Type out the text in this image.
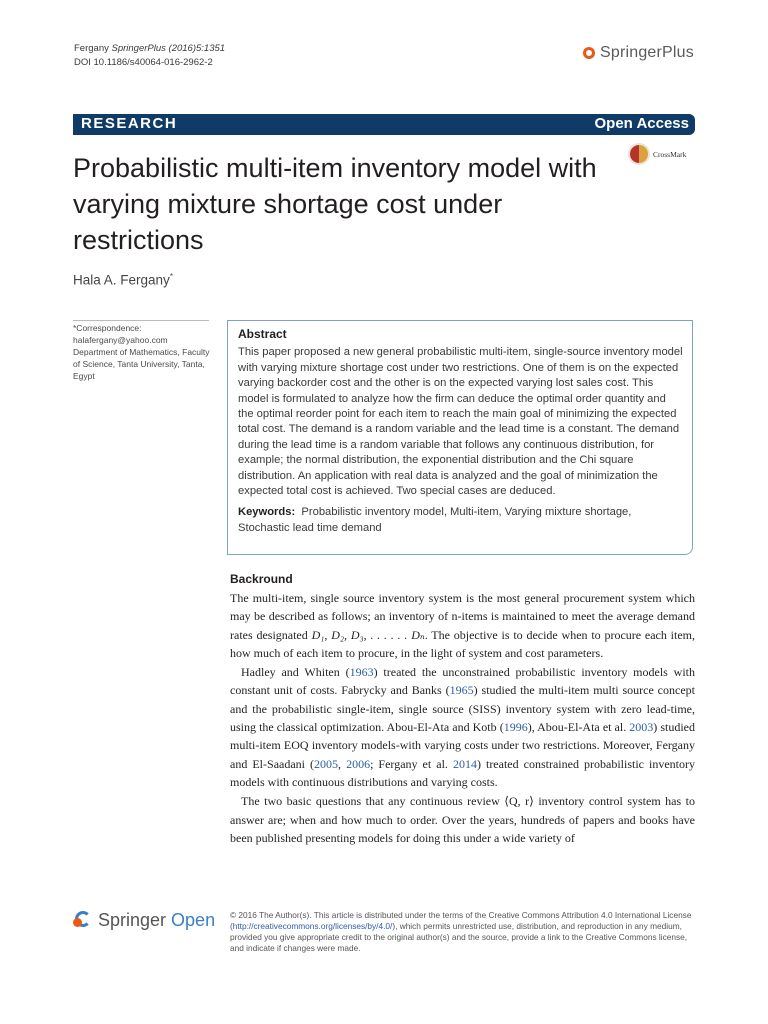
Fergany SpringerPlus (2016)5:1351
DOI 10.1186/s40064-016-2962-2
SpringerPlus
RESEARCH	Open Access
CrossMark
Probabilistic multi-item inventory model with varying mixture shortage cost under restrictions
Hala A. Fergany*
*Correspondence:
halafergany@yahoo.com
Department of Mathematics, Faculty of Science, Tanta University, Tanta, Egypt
Abstract
This paper proposed a new general probabilistic multi-item, single-source inventory model with varying mixture shortage cost under two restrictions. One of them is on the expected varying backorder cost and the other is on the expected varying lost sales cost. This model is formulated to analyze how the firm can deduce the optimal order quantity and the optimal reorder point for each item to reach the main goal of minimizing the expected total cost. The demand is a random variable and the lead time is a constant. The demand during the lead time is a random variable that follows any continuous distribution, for example; the normal distribution, the exponential distribution and the Chi square distribution. An application with real data is analyzed and the goal of minimization the expected total cost is achieved. Two special cases are deduced.
Keywords: Probabilistic inventory model, Multi-item, Varying mixture shortage, Stochastic lead time demand
Backround

The multi-item, single source inventory system is the most general procurement system which may be described as follows; an inventory of n-items is maintained to meet the average demand rates designated D₁, D₂, D₃, . . . . . . Dₙ. The objective is to decide when to procure each item, how much of each item to procure, in the light of system and cost parameters.

Hadley and Whiten (1963) treated the unconstrained probabilistic inventory models with constant unit of costs. Fabrycky and Banks (1965) studied the multi-item multi source concept and the probabilistic single-item, single source (SISS) inventory system with zero lead-time, using the classical optimization. Abou-El-Ata and Kotb (1996), Abou-El-Ata et al. 2003) studied multi-item EOQ inventory models-with varying costs under two restrictions. Moreover, Fergany and El-Saadani (2005, 2006; Fergany et al. 2014) treated constrained probabilistic inventory models with continuous distributions and varying costs.

The two basic questions that any continuous review ⟨Q, r⟩ inventory control system has to answer are; when and how much to order. Over the years, hundreds of papers and books have been published presenting models for doing this under a wide variety of

Springer Open © 2016 The Author(s). This article is distributed under the terms of the Creative Commons Attribution 4.0 International License (http://creativecommons.org/licenses/by/4.0/), which permits unrestricted use, distribution, and reproduction in any medium, provided you give appropriate credit to the original author(s) and the source, provide a link to the Creative Commons license, and indicate if changes were made.
